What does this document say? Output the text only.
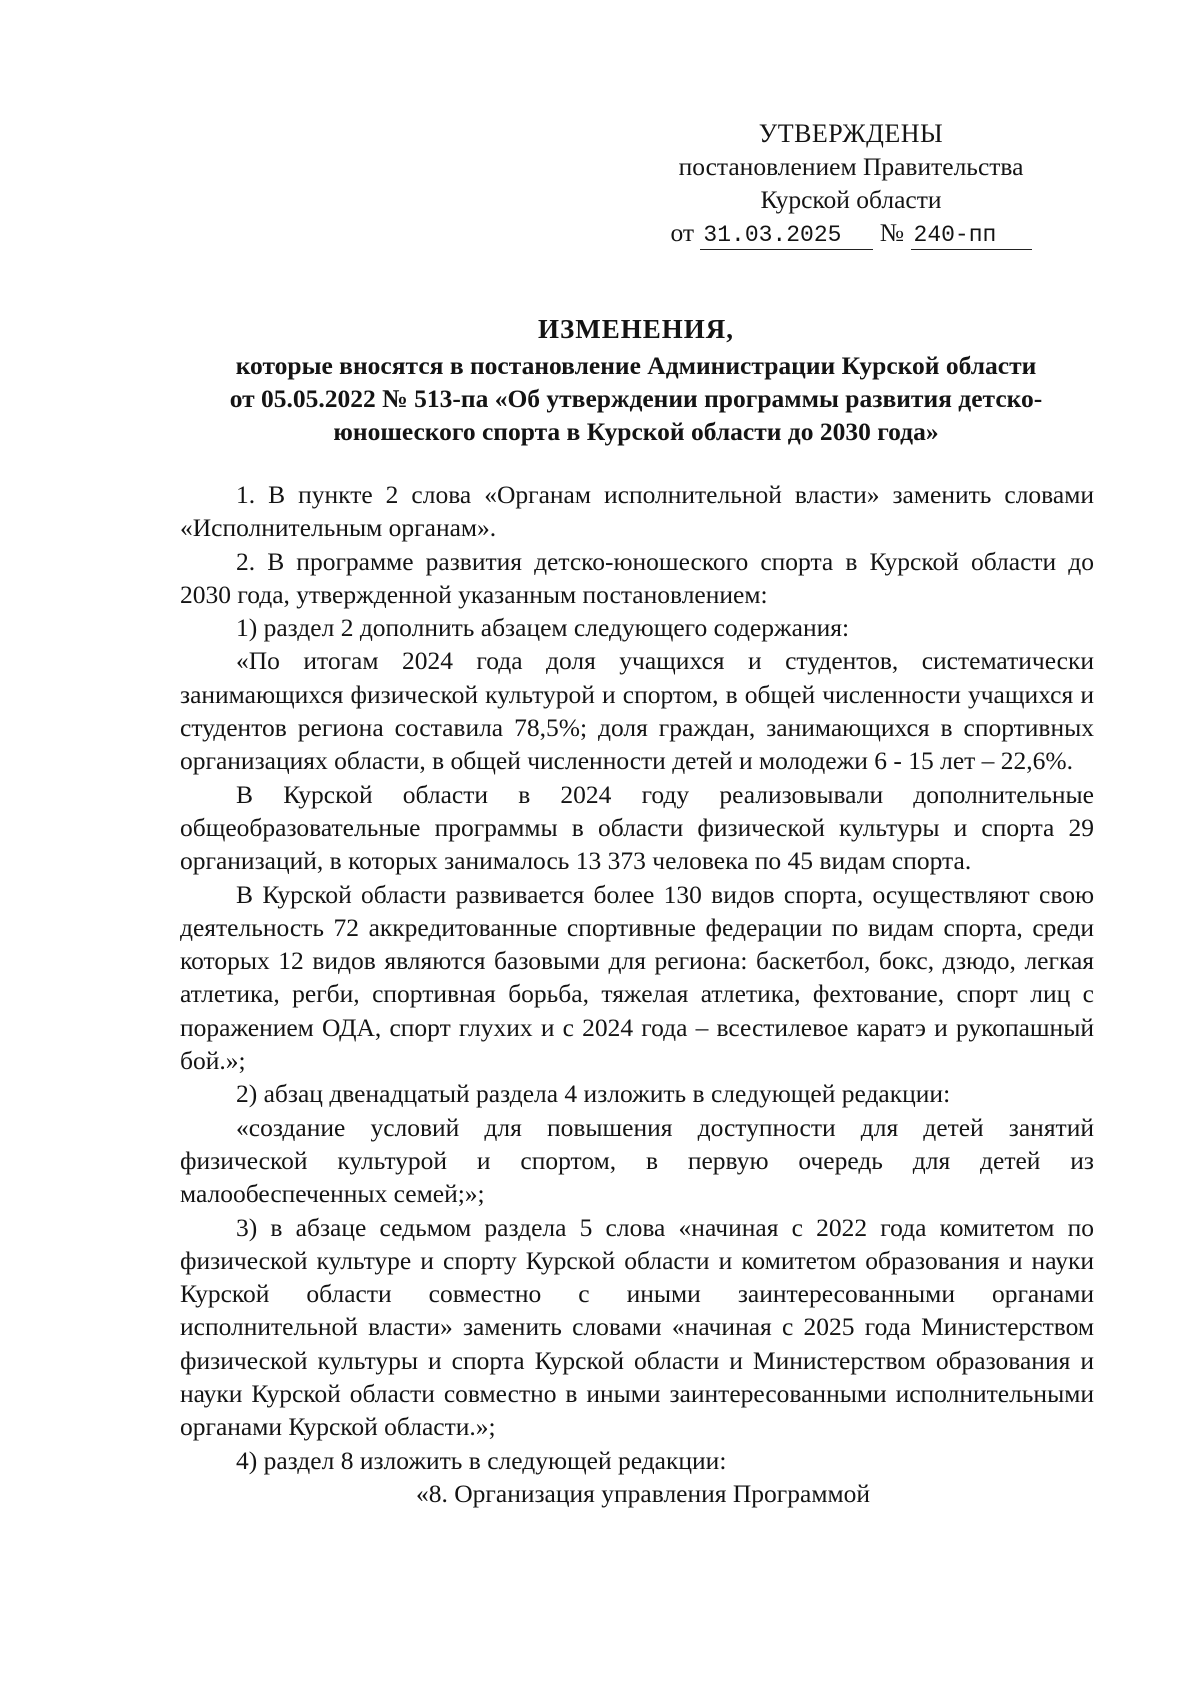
УТВЕРЖДЕНЫ
постановлением Правительства
Курской области
от 31.03.2025 № 240-пп
ИЗМЕНЕНИЯ,
которые вносятся в постановление Администрации Курской области
от 05.05.2022 № 513-па «Об утверждении программы развития детско-
юношеского спорта в Курской области до 2030 года»

1. В пункте 2 слова «Органам исполнительной власти» заменить словами «Исполнительным органам».

2. В программе развития детско-юношеского спорта в Курской области до 2030 года, утвержденной указанным постановлением:

1) раздел 2 дополнить абзацем следующего содержания:

«По итогам 2024 года доля учащихся и студентов, систематически занимающихся физической культурой и спортом, в общей численности учащихся и студентов региона составила 78,5%; доля граждан, занимающихся в спортивных организациях области, в общей численности детей и молодежи 6 - 15 лет – 22,6%.

В Курской области в 2024 году реализовывали дополнительные общеобразовательные программы в области физической культуры и спорта 29 организаций, в которых занималось 13 373 человека по 45 видам спорта.

В Курской области развивается более 130 видов спорта, осуществляют свою деятельность 72 аккредитованные спортивные федерации по видам спорта, среди которых 12 видов являются базовыми для региона: баскетбол, бокс, дзюдо, легкая атлетика, регби, спортивная борьба, тяжелая атлетика, фехтование, спорт лиц с поражением ОДА, спорт глухих и с 2024 года – всестилевое каратэ и рукопашный бой.»;

2) абзац двенадцатый раздела 4 изложить в следующей редакции:

«создание условий для повышения доступности для детей занятий физической культурой и спортом, в первую очередь для детей из малообеспеченных семей;»;

3) в абзаце седьмом раздела 5 слова «начиная с 2022 года комитетом по физической культуре и спорту Курской области и комитетом образования и науки Курской области совместно с иными заинтересованными органами исполнительной власти» заменить словами «начиная с 2025 года Министерством физической культуры и спорта Курской области и Министерством образования и науки Курской области совместно в иными заинтересованными исполнительными органами Курской области.»;

4) раздел 8 изложить в следующей редакции:

«8. Организация управления Программой
